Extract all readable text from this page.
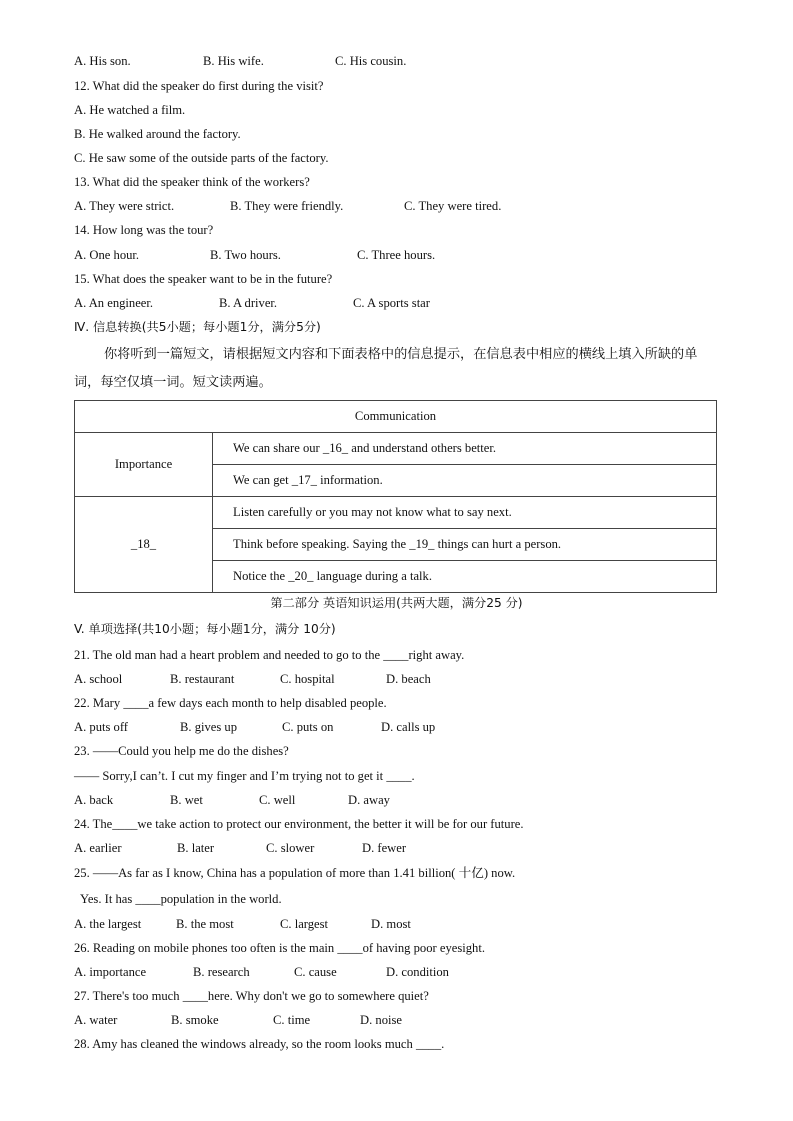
A. His son.	B. His wife.	C. His cousin.
12. What did the speaker do first during the visit?
A. He watched a film.
B. He walked around the factory.
C. He saw some of the outside parts of the factory.
13. What did the speaker think of the workers?
A. They were strict.	B. They were friendly.	C. They were tired.
14. How long was the tour?
A. One hour.	B. Two hours.	C. Three hours.
15. What does the speaker want to be in the future?
A. An engineer.	B. A driver.	C. A sports star
Ⅳ. 信息转换(共5小题；每小题1分，满分5分)
你将听到一篇短文，请根据短文内容和下面表格中的信息提示，在信息表中相应的横线上填入所缺的单词，每空仅填一词。短文读两遍。
Communication	
Importance	We can share our _16_ and understand others better.
	We can get _17_ information.
_18_	Listen carefully or you may not know what to say next.
	Think before speaking. Saying the _19_ things can hurt a person.
	Notice the _20_ language during a talk.
第二部分 英语知识运用(共两大题，满分25 分)
V. 单项选择(共10小题；每小题1分，满分 10分)
21. The old man had a heart problem and needed to go to the ____right away.
A. school	B. restaurant	C. hospital	D. beach
22. Mary ____a few days each month to help disabled people.
A. puts off	B. gives up	C. puts on	D. calls up
23. ——Could you help me do the dishes?
—— Sorry,I can’t. I cut my finger and I’m trying not to get it ____.
A. back	B. wet	C. well	D. away
24. The____we take action to protect our environment, the better it will be for our future.
A. earlier	B. later	C. slower	D. fewer
25. ——As far as I know, China has a population of more than 1.41 billion( 十亿) now.
Yes. It has ____population in the world.
A. the largest	B. the most	C. largest	D. most
26. Reading on mobile phones too often is the main ____of having poor eyesight.
A. importance	B. research	C. cause	D. condition
27. There's too much ____here. Why don't we go to somewhere quiet?
A. water	B. smoke	C. time	D. noise
28. Amy has cleaned the windows already, so the room looks much ____.
